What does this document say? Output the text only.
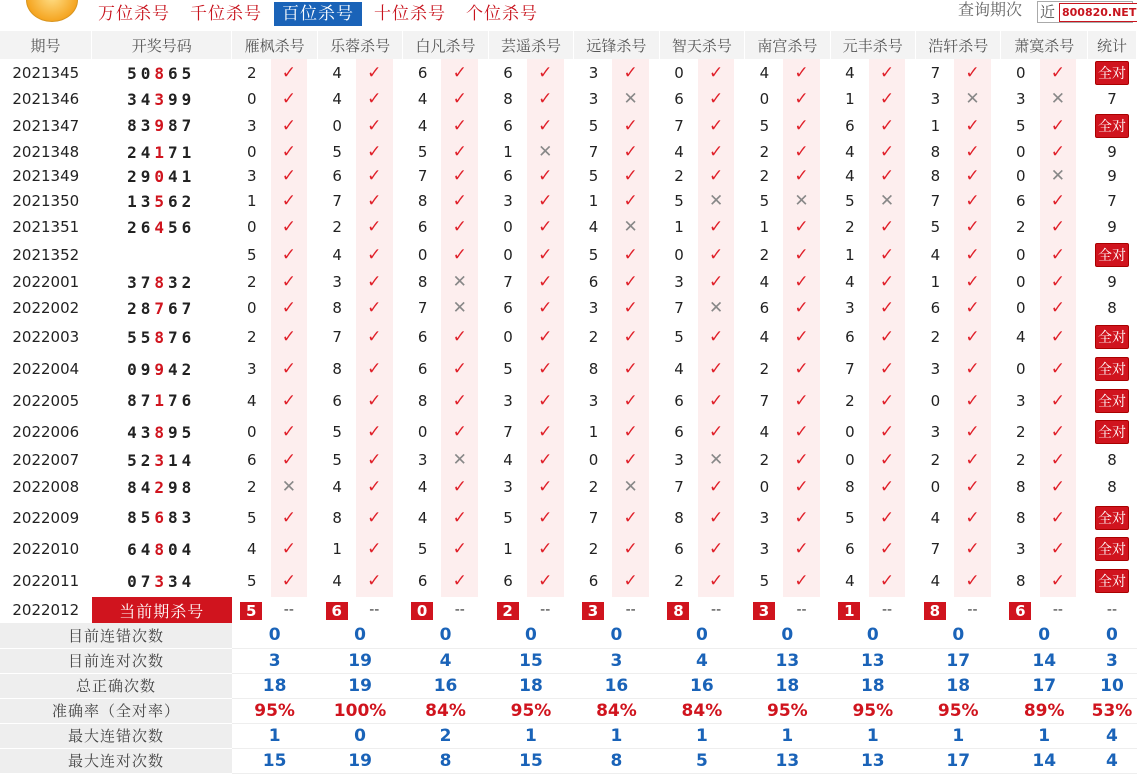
万位杀号	千位杀号	百位杀号	十位杀号	个位杀号	查询期次 近 800820.NET
期号	开奖号码	雁枫杀号			乐蓉杀号			白凡杀号			芸遥杀号			远锋杀号			智天杀号			南宫杀号			元丰杀号			浩轩杀号			萧寞杀号			统计
2021345	50865	2	✓		4	✓		6	✓		6	✓		3	✓		0	✓		4	✓		4	✓		7	✓		0	✓		全对
2021346	34399	0	✓		4	✓		4	✓		8	✓		3	✕		6	✓		0	✓		1	✓		3	✕		3	✕		7
2021347	83987	3	✓		0	✓		4	✓		6	✓		5	✓		7	✓		5	✓		6	✓		1	✓		5	✓		全对
2021348	24171	0	✓		5	✓		5	✓		1	✕		7	✓		4	✓		2	✓		4	✓		8	✓		0	✓		9
2021349	29041	3	✓		6	✓		7	✓		6	✓		5	✓		2	✓		2	✓		4	✓		8	✓		0	✕		9
2021350	13562	1	✓		7	✓		8	✓		3	✓		1	✓		5	✕		5	✕		5	✕		7	✓		6	✓		7
2021351	26456	0	✓		2	✓		6	✓		0	✓		4	✕		1	✓		1	✓		2	✓		5	✓		2	✓		9
2021352		5	✓		4	✓		0	✓		0	✓		5	✓		0	✓		2	✓		1	✓		4	✓		0	✓		全对
2022001	37832	2	✓		3	✓		8	✕		7	✓		6	✓		3	✓		4	✓		4	✓		1	✓		0	✓		9
2022002	28767	0	✓		8	✓		7	✕		6	✓		3	✓		7	✕		6	✓		3	✓		6	✓		0	✓		8
2022003	55876	2	✓		7	✓		6	✓		0	✓		2	✓		5	✓		4	✓		6	✓		2	✓		4	✓		全对
2022004	09942	3	✓		8	✓		6	✓		5	✓		8	✓		4	✓		2	✓		7	✓		3	✓		0	✓		全对
2022005	87176	4	✓		6	✓		8	✓		3	✓		3	✓		6	✓		7	✓		2	✓		0	✓		3	✓		全对
2022006	43895	0	✓		5	✓		0	✓		7	✓		1	✓		6	✓		4	✓		0	✓		3	✓		2	✓		全对
2022007	52314	6	✓		5	✓		3	✕		4	✓		0	✓		3	✕		2	✓		0	✓		2	✓		2	✓		8
2022008	84298	2	✕		4	✓		4	✓		3	✓		2	✕		7	✓		0	✓		8	✓		0	✓		8	✓		8
2022009	85683	5	✓		8	✓		4	✓		5	✓		7	✓		8	✓		3	✓		5	✓		4	✓		8	✓		全对
2022010	64804	4	✓		1	✓		5	✓		1	✓		2	✓		6	✓		3	✓		6	✓		7	✓		3	✓		全对
2022011	07334	5	✓		4	✓		6	✓		6	✓		6	✓		2	✓		5	✓		4	✓		4	✓		8	✓		全对
2022012	当前期杀号	5	--		6	--		0	--		2	--		3	--		8	--		3	--		1	--		8	--		6	--		--
目前连错次数		0			0			0			0			0			0			0			0			0			0			0
目前连对次数		3			19			4			15			3			4			13			13			17			14			3
总正确次数		18			19			16			18			16			16			18			18			18			17			10
准确率（全对率）		95%			100%			84%			95%			84%			84%			95%			95%			95%			89%			53%
最大连错次数		1			0			2			1			1			1			1			1			1			1			4
最大连对次数		15			19			8			15			8			5			13			13			17			14			4
